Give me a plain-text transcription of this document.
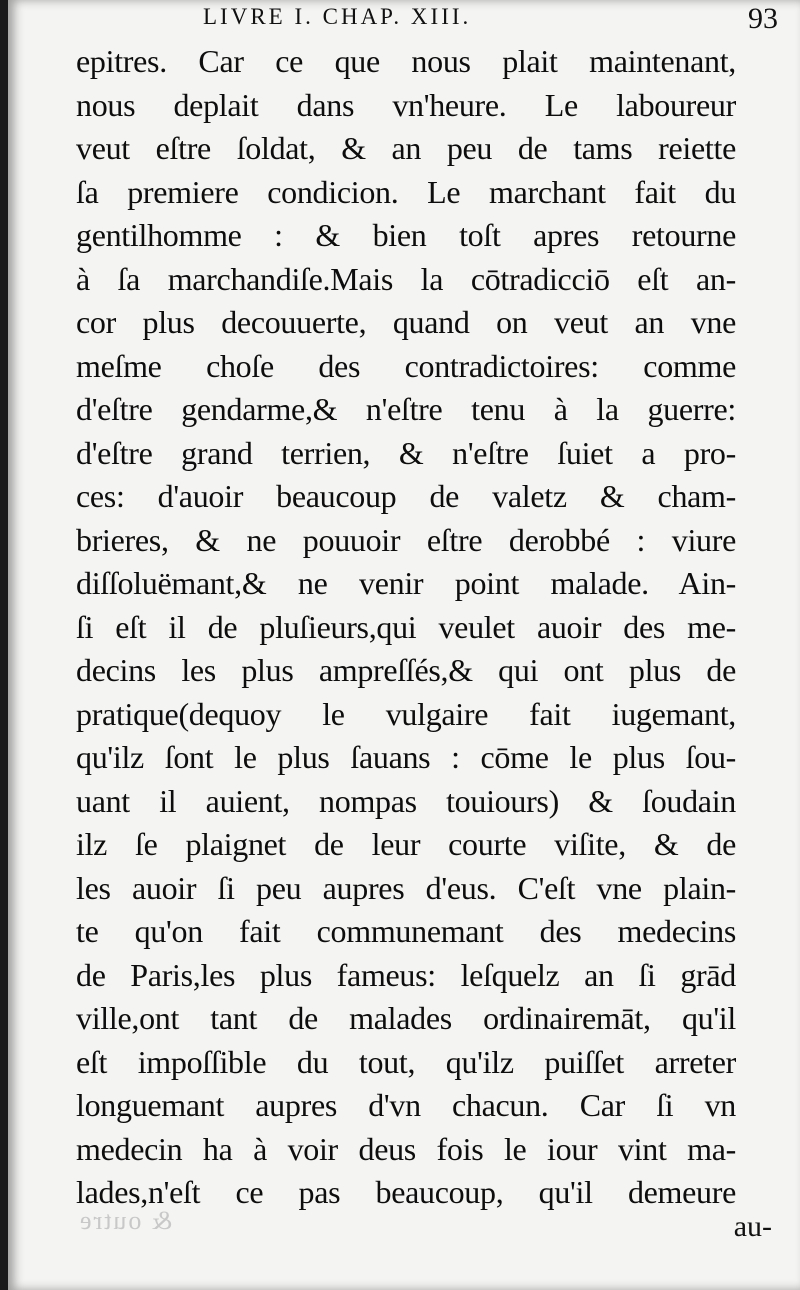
LIVRE I. CHAP. XIII.	93
epitres. Car ce que nous plait maintenant,
nous deplait dans vn'heure. Le laboureur
veut eſtre ſoldat, & an peu de tams reiette
ſa premiere condicion. Le marchant fait du
gentilhomme : & bien toſt apres retourne
à ſa marchandiſe.Mais la cōtradicciō eſt an-
cor plus decouuerte, quand on veut an vne
meſme choſe des contradictoires: comme
d'eſtre gendarme,& n'eſtre tenu à la guerre:
d'eſtre grand terrien, & n'eſtre ſuiet a pro-
ces: d'auoir beaucoup de valetz & cham-
brieres, & ne pouuoir eſtre derobbé : viure
diſſoluëmant,& ne venir point malade. Ain-
ſi eſt il de pluſieurs,qui veulet auoir des me-
decins les plus ampreſſés,& qui ont plus de
pratique(dequoy le vulgaire fait iugemant,
qu'ilz ſont le plus ſauans : cōme le plus ſou-
uant il auient, nompas touiours) & ſoudain
ilz ſe plaignet de leur courte viſite, & de
les auoir ſi peu aupres d'eus. C'eſt vne plain-
te qu'on fait communemant des medecins
de Paris,les plus fameus: leſquelz an ſi grād
ville,ont tant de malades ordinairemāt, qu'il
eſt impoſſible du tout, qu'ilz puiſſet arreter
longuemant aupres d'vn chacun. Car ſi vn
medecin ha à voir deus fois le iour vint ma-
lades,n'eſt ce pas beaucoup, qu'il demeure
& outre	au-
